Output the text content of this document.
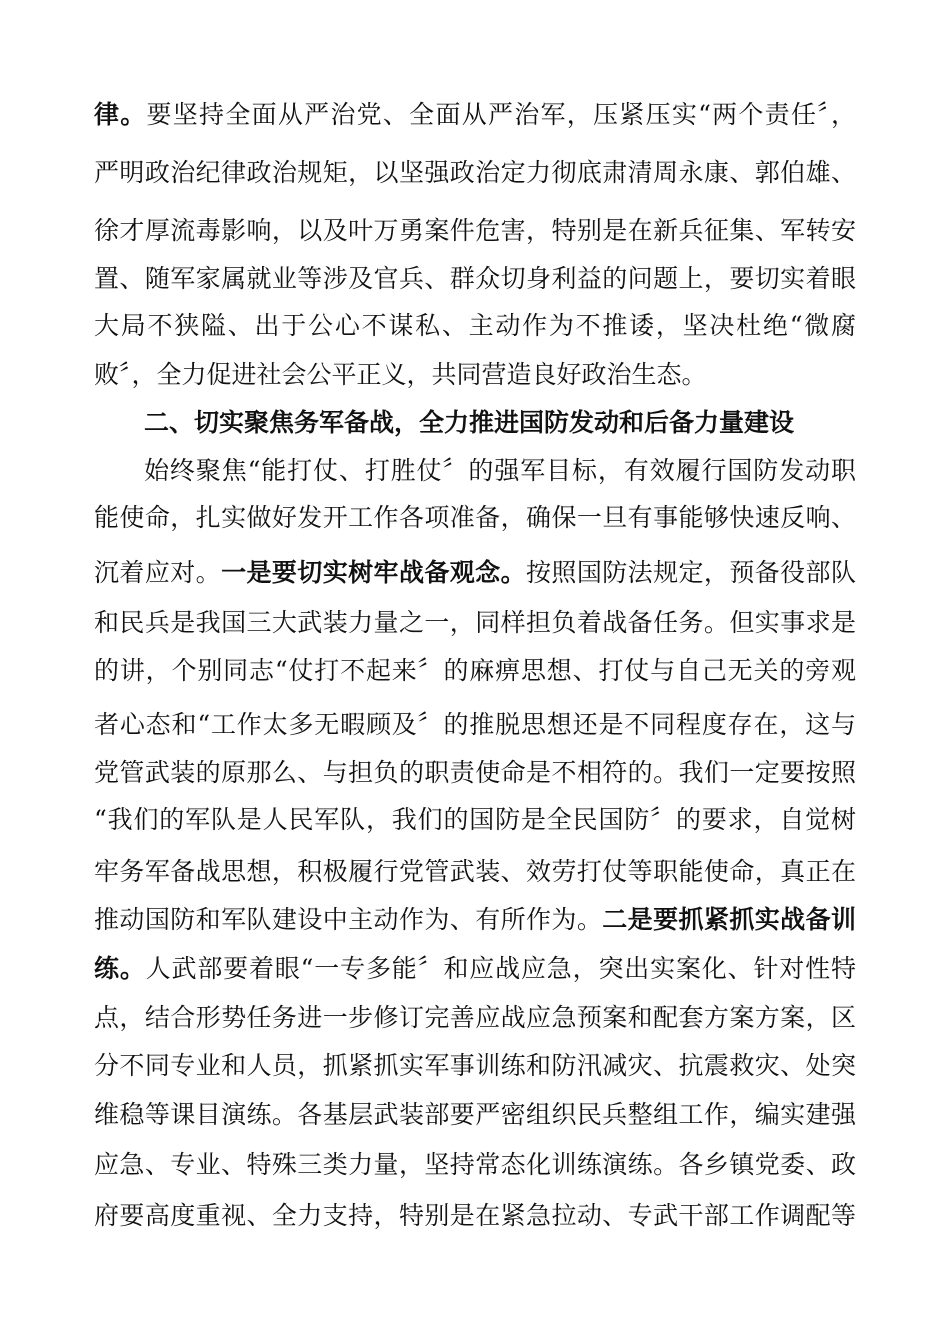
律。要坚持全面从严治党、全面从严治军，压紧压实“两个责任〞，
严明政治纪律政治规矩，以坚强政治定力彻底肃清周永康、郭伯雄、
徐才厚流毒影响，以及叶万勇案件危害，特别是在新兵征集、军转安
置、随军家属就业等涉及官兵、群众切身利益的问题上，要切实着眼
大局不狭隘、出于公心不谋私、主动作为不推诿，坚决杜绝“微腐
败〞，全力促进社会公平正义，共同营造良好政治生态。
二、切实聚焦务军备战，全力推进国防发动和后备力量建设
始终聚焦“能打仗、打胜仗〞的强军目标，有效履行国防发动职
能使命，扎实做好发开工作各项准备，确保一旦有事能够快速反响、
沉着应对。一是要切实树牢战备观念。按照国防法规定，预备役部队
和民兵是我国三大武装力量之一，同样担负着战备任务。但实事求是
的讲，个别同志“仗打不起来〞的麻痹思想、打仗与自己无关的旁观
者心态和“工作太多无暇顾及〞的推脱思想还是不同程度存在，这与
党管武装的原那么、与担负的职责使命是不相符的。我们一定要按照
“我们的军队是人民军队，我们的国防是全民国防〞的要求，自觉树
牢务军备战思想，积极履行党管武装、效劳打仗等职能使命，真正在
推动国防和军队建设中主动作为、有所作为。二是要抓紧抓实战备训
练。人武部要着眼“一专多能〞和应战应急，突出实案化、针对性特
点，结合形势任务进一步修订完善应战应急预案和配套方案方案，区
分不同专业和人员，抓紧抓实军事训练和防汛减灾、抗震救灾、处突
维稳等课目演练。各基层武装部要严密组织民兵整组工作，编实建强
应急、专业、特殊三类力量，坚持常态化训练演练。各乡镇党委、政
府要高度重视、全力支持，特别是在紧急拉动、专武干部工作调配等
